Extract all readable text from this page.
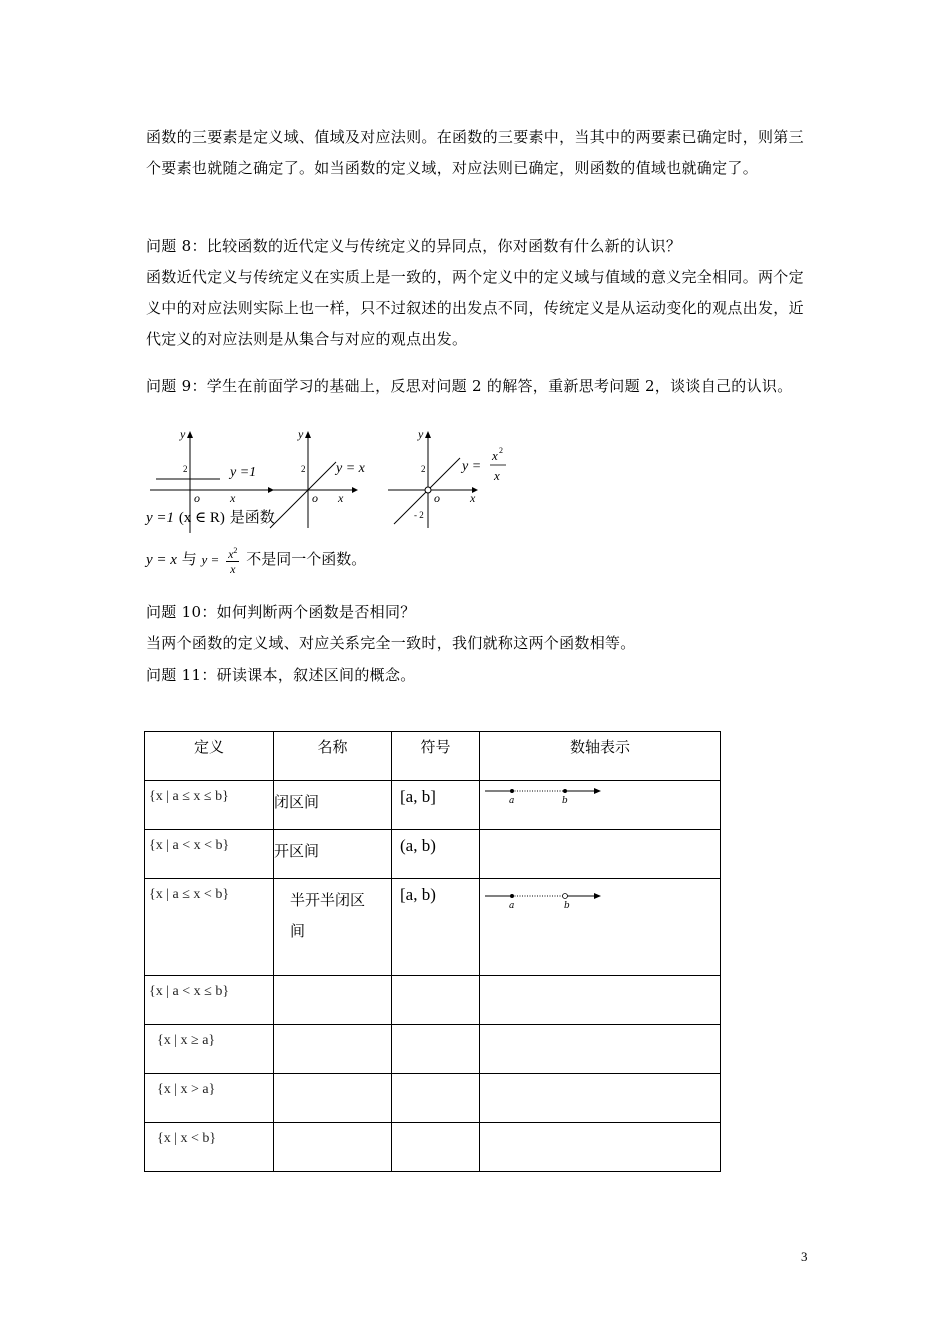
函数的三要素是定义域、值域及对应法则。在函数的三要素中，当其中的两要素已确定时，则第三个要素也就随之确定了。如当函数的定义域，对应法则已确定，则函数的值域也就确定了。

问题 8：比较函数的近代定义与传统定义的异同点，你对函数有什么新的认识？

函数近代定义与传统定义在实质上是一致的，两个定义中的定义域与值域的意义完全相同。两个定义中的对应法则实际上也一样，只不过叙述的出发点不同，传统定义是从运动变化的观点出发，近代定义的对应法则是从集合与对应的观点出发。

问题 9：学生在前面学习的基础上，反思对问题 2 的解答，重新思考问题 2，谈谈自己的认识。

y
2
o	x
y =1
y
2
o x
y = x
y
2
- 2
o	x
y =
x 2
x
y =1 (x ∈ R) 是函数
y = x 与 $y = \frac{x^2}{x}$ 不是同一个函数。

问题 10：如何判断两个函数是否相同？

当两个函数的定义域、对应关系完全一致时，我们就称这两个函数相等。

问题 11：研读课本，叙述区间的概念。

定义	名称	符号	数轴表示

{x | a ≤ x ≤ b}	闭区间	[a, b]	a b

{x | a < x < b}	开区间	(a, b)	

{x | a ≤ x < b}	半开半闭区间	[a, b)	a b

{x | a < x ≤ b}			

{x | x ≥ a}			

{x | x > a}			

{x | x < b}			

3
